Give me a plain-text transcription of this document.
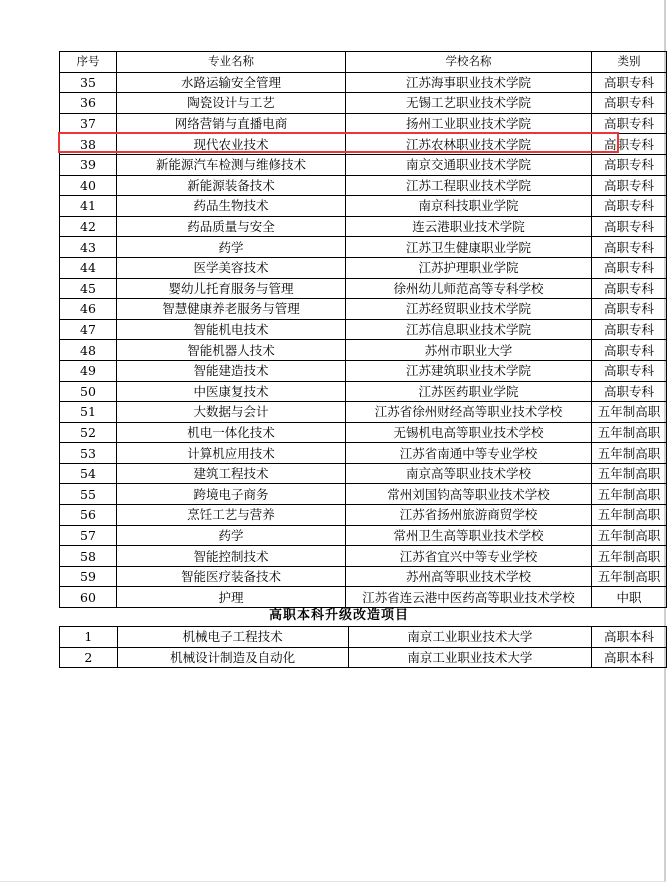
序号	专业名称	学校名称	类别
35	水路运输安全管理	江苏海事职业技术学院	高职专科
36	陶瓷设计与工艺	无锡工艺职业技术学院	高职专科
37	网络营销与直播电商	扬州工业职业技术学院	高职专科
38	现代农业技术	江苏农林职业技术学院	高职专科
39	新能源汽车检测与维修技术	南京交通职业技术学院	高职专科
40	新能源装备技术	江苏工程职业技术学院	高职专科
41	药品生物技术	南京科技职业学院	高职专科
42	药品质量与安全	连云港职业技术学院	高职专科
43	药学	江苏卫生健康职业学院	高职专科
44	医学美容技术	江苏护理职业学院	高职专科
45	婴幼儿托育服务与管理	徐州幼儿师范高等专科学校	高职专科
46	智慧健康养老服务与管理	江苏经贸职业技术学院	高职专科
47	智能机电技术	江苏信息职业技术学院	高职专科
48	智能机器人技术	苏州市职业大学	高职专科
49	智能建造技术	江苏建筑职业技术学院	高职专科
50	中医康复技术	江苏医药职业学院	高职专科
51	大数据与会计	江苏省徐州财经高等职业技术学校	五年制高职
52	机电一体化技术	无锡机电高等职业技术学校	五年制高职
53	计算机应用技术	江苏省南通中等专业学校	五年制高职
54	建筑工程技术	南京高等职业技术学校	五年制高职
55	跨境电子商务	常州刘国钧高等职业技术学校	五年制高职
56	烹饪工艺与营养	江苏省扬州旅游商贸学校	五年制高职
57	药学	常州卫生高等职业技术学校	五年制高职
58	智能控制技术	江苏省宜兴中等专业学校	五年制高职
59	智能医疗装备技术	苏州高等职业技术学校	五年制高职
60	护理	江苏省连云港中医药高等职业技术学校	中职
高职本科升级改造项目
1	机械电子工程技术	南京工业职业技术大学	高职本科
2	机械设计制造及自动化	南京工业职业技术大学	高职本科
